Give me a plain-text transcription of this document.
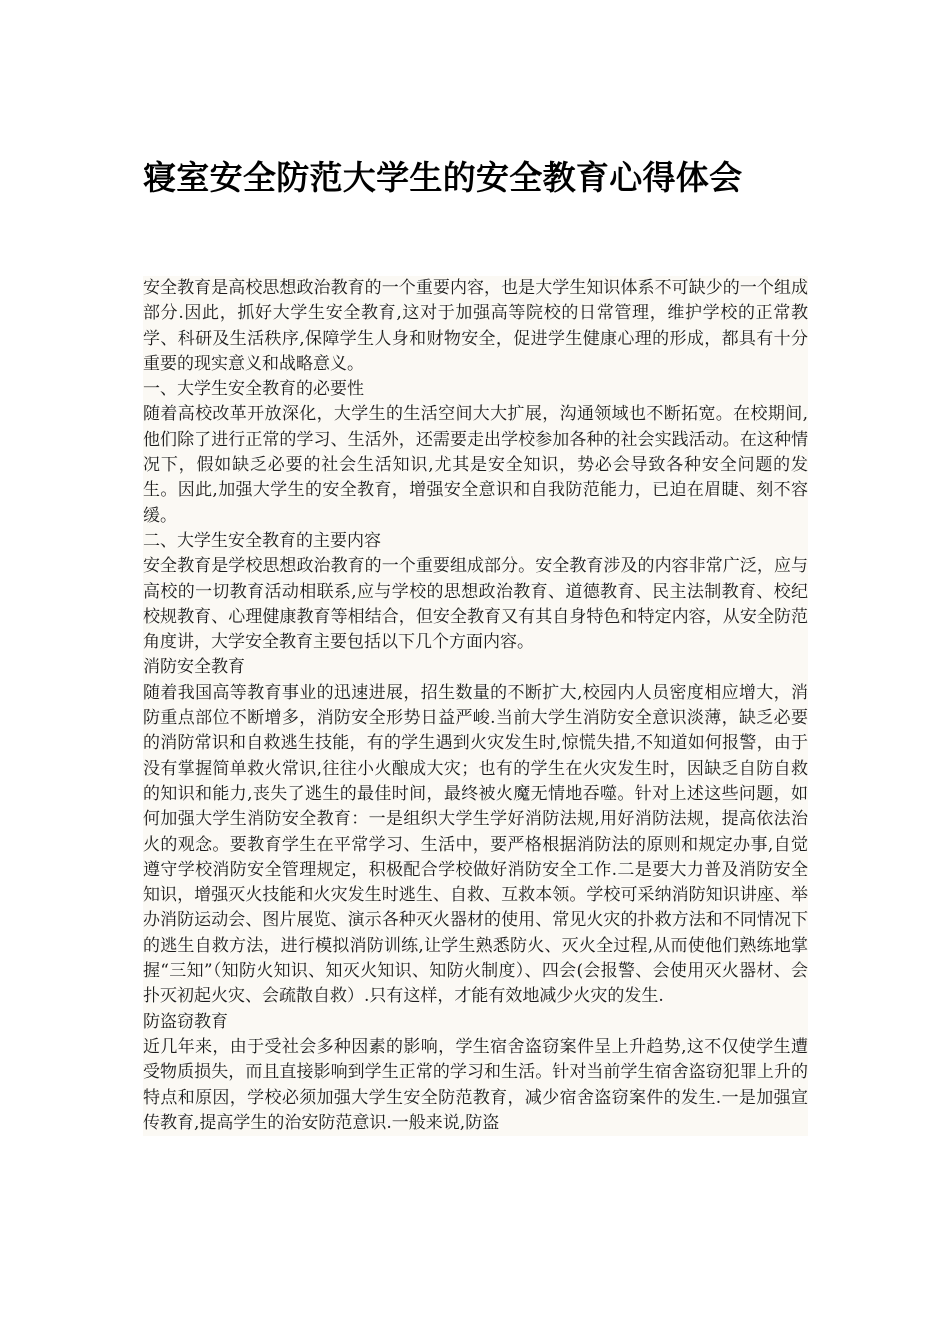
寝室安全防范大学生的安全教育心得体会

安全教育是高校思想政治教育的一个重要内容，也是大学生知识体系不可缺少的一个组成部分.因此，抓好大学生安全教育,这对于加强高等院校的日常管理，维护学校的正常教学、科研及生活秩序,保障学生人身和财物安全，促进学生健康心理的形成，都具有十分重要的现实意义和战略意义。

一、大学生安全教育的必要性

随着高校改革开放深化，大学生的生活空间大大扩展，沟通领域也不断拓宽。在校期间,他们除了进行正常的学习、生活外，还需要走出学校参加各种的社会实践活动。在这种情况下，假如缺乏必要的社会生活知识,尤其是安全知识，势必会导致各种安全问题的发生。因此,加强大学生的安全教育，增强安全意识和自我防范能力，已迫在眉睫、刻不容缓。

二、大学生安全教育的主要内容

安全教育是学校思想政治教育的一个重要组成部分。安全教育涉及的内容非常广泛，应与高校的一切教育活动相联系,应与学校的思想政治教育、道德教育、民主法制教育、校纪校规教育、心理健康教育等相结合，但安全教育又有其自身特色和特定内容，从安全防范角度讲，大学安全教育主要包括以下几个方面内容。

消防安全教育

随着我国高等教育事业的迅速进展，招生数量的不断扩大,校园内人员密度相应增大，消防重点部位不断增多，消防安全形势日益严峻.当前大学生消防安全意识淡薄，缺乏必要的消防常识和自救逃生技能，有的学生遇到火灾发生时,惊慌失措,不知道如何报警，由于没有掌握简单救火常识,往往小火酿成大灾；也有的学生在火灾发生时，因缺乏自防自救的知识和能力,丧失了逃生的最佳时间，最终被火魔无情地吞噬。针对上述这些问题，如何加强大学生消防安全教育：一是组织大学生学好消防法规,用好消防法规，提高依法治火的观念。要教育学生在平常学习、生活中，要严格根据消防法的原则和规定办事,自觉遵守学校消防安全管理规定，积极配合学校做好消防安全工作.二是要大力普及消防安全知识，增强灭火技能和火灾发生时逃生、自救、互救本领。学校可采纳消防知识讲座、举办消防运动会、图片展览、演示各种灭火器材的使用、常见火灾的扑救方法和不同情况下的逃生自救方法，进行模拟消防训练,让学生熟悉防火、灭火全过程,从而使他们熟练地掌握“三知”（知防火知识、知灭火知识、知防火制度）、四会(会报警、会使用灭火器材、会扑灭初起火灾、会疏散自救）.只有这样，才能有效地减少火灾的发生.

防盗窃教育

近几年来，由于受社会多种因素的影响，学生宿舍盗窃案件呈上升趋势,这不仅使学生遭受物质损失，而且直接影响到学生正常的学习和生活。针对当前学生宿舍盗窃犯罪上升的特点和原因，学校必须加强大学生安全防范教育，减少宿舍盗窃案件的发生.一是加强宣传教育,提高学生的治安防范意识.一般来说,防盗
